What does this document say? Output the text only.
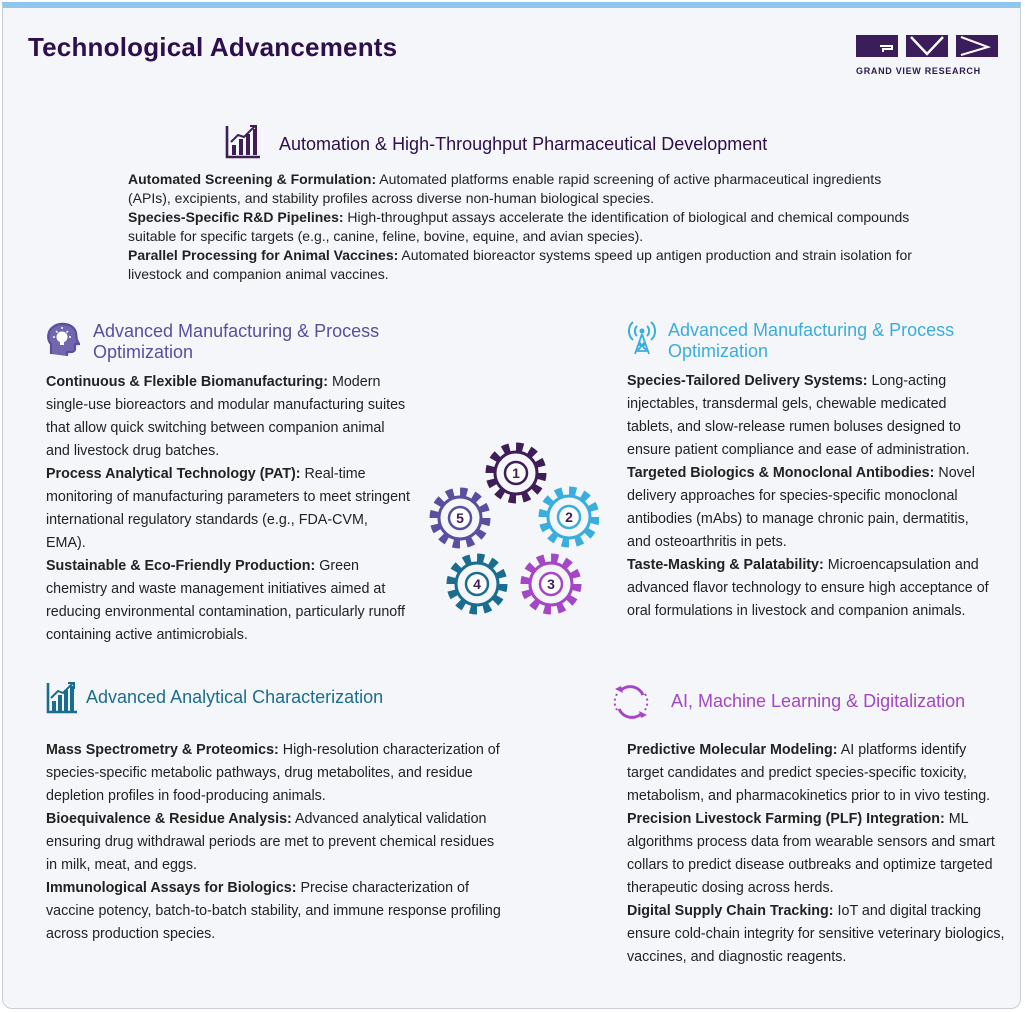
Technological Advancements
GRAND VIEW RESEARCH
Automation & High-Throughput Pharmaceutical Development
Automated Screening & Formulation: Automated platforms enable rapid screening of active pharmaceutical ingredients (APIs), excipients, and stability profiles across diverse non-human biological species.
Species-Specific R&D Pipelines: High-throughput assays accelerate the identification of biological and chemical compounds suitable for specific targets (e.g., canine, feline, bovine, equine, and avian species).
Parallel Processing for Animal Vaccines: Automated bioreactor systems speed up antigen production and strain isolation for livestock and companion animal vaccines.
Advanced Manufacturing & Process Optimization
Continuous & Flexible Biomanufacturing: Modern single-use bioreactors and modular manufacturing suites that allow quick switching between companion animal and livestock drug batches.
Process Analytical Technology (PAT): Real-time monitoring of manufacturing parameters to meet stringent international regulatory standards (e.g., FDA-CVM, EMA).
Sustainable & Eco-Friendly Production: Green chemistry and waste management initiatives aimed at reducing environmental contamination, particularly runoff containing active antimicrobials.
Advanced Manufacturing & Process Optimization
Species-Tailored Delivery Systems: Long-acting injectables, transdermal gels, chewable medicated tablets, and slow-release rumen boluses designed to ensure patient compliance and ease of administration.
Targeted Biologics & Monoclonal Antibodies: Novel delivery approaches for species-specific monoclonal antibodies (mAbs) to manage chronic pain, dermatitis, and osteoarthritis in pets.
Taste-Masking & Palatability: Microencapsulation and advanced flavor technology to ensure high acceptance of oral formulations in livestock and companion animals.
Advanced Analytical Characterization
Mass Spectrometry & Proteomics: High-resolution characterization of species-specific metabolic pathways, drug metabolites, and residue depletion profiles in food-producing animals.
Bioequivalence & Residue Analysis: Advanced analytical validation ensuring drug withdrawal periods are met to prevent chemical residues in milk, meat, and eggs.
Immunological Assays for Biologics: Precise characterization of vaccine potency, batch-to-batch stability, and immune response profiling across production species.
AI, Machine Learning & Digitalization
Predictive Molecular Modeling: AI platforms identify target candidates and predict species-specific toxicity, metabolism, and pharmacokinetics prior to in vivo testing.
Precision Livestock Farming (PLF) Integration: ML algorithms process data from wearable sensors and smart collars to predict disease outbreaks and optimize targeted therapeutic dosing across herds.
Digital Supply Chain Tracking: IoT and digital tracking ensure cold-chain integrity for sensitive veterinary biologics, vaccines, and diagnostic reagents.
1
2
3
4
5
